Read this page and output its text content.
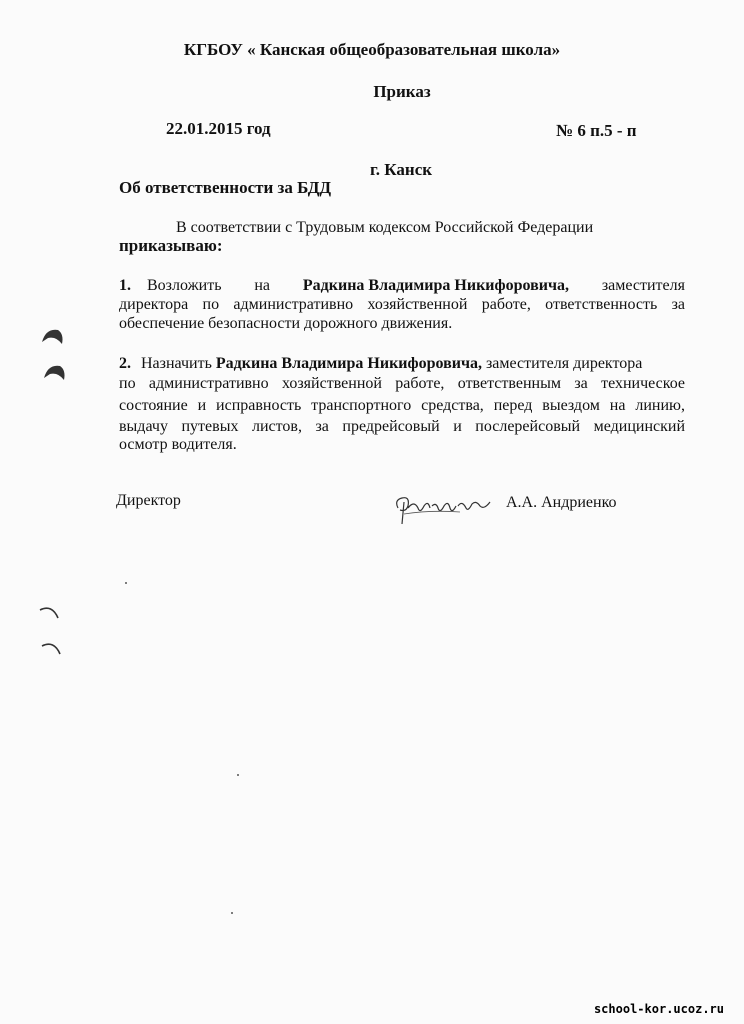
КГБОУ « Канская общеобразовательная школа»
Приказ
22.01.2015 год	№ 6 п.5 - п
г. Канск
Об ответственности за БДД
В соответствии с Трудовым кодексом Российской Федерации
приказываю:
1. Возложить на Радкина Владимира Никифоровича, заместителя
директора по административно хозяйственной работе, ответственность за
обеспечение безопасности дорожного движения.
2. Назначить Радкина Владимира Никифоровича, заместителя директора
по административно хозяйственной работе, ответственным за техническое
состояние и исправность транспортного средства, перед выездом на линию,
выдачу путевых листов, за предрейсовый и послерейсовый медицинский
осмотр водителя.
Директор	А.А. Андриенко
school-kor.ucoz.ru
